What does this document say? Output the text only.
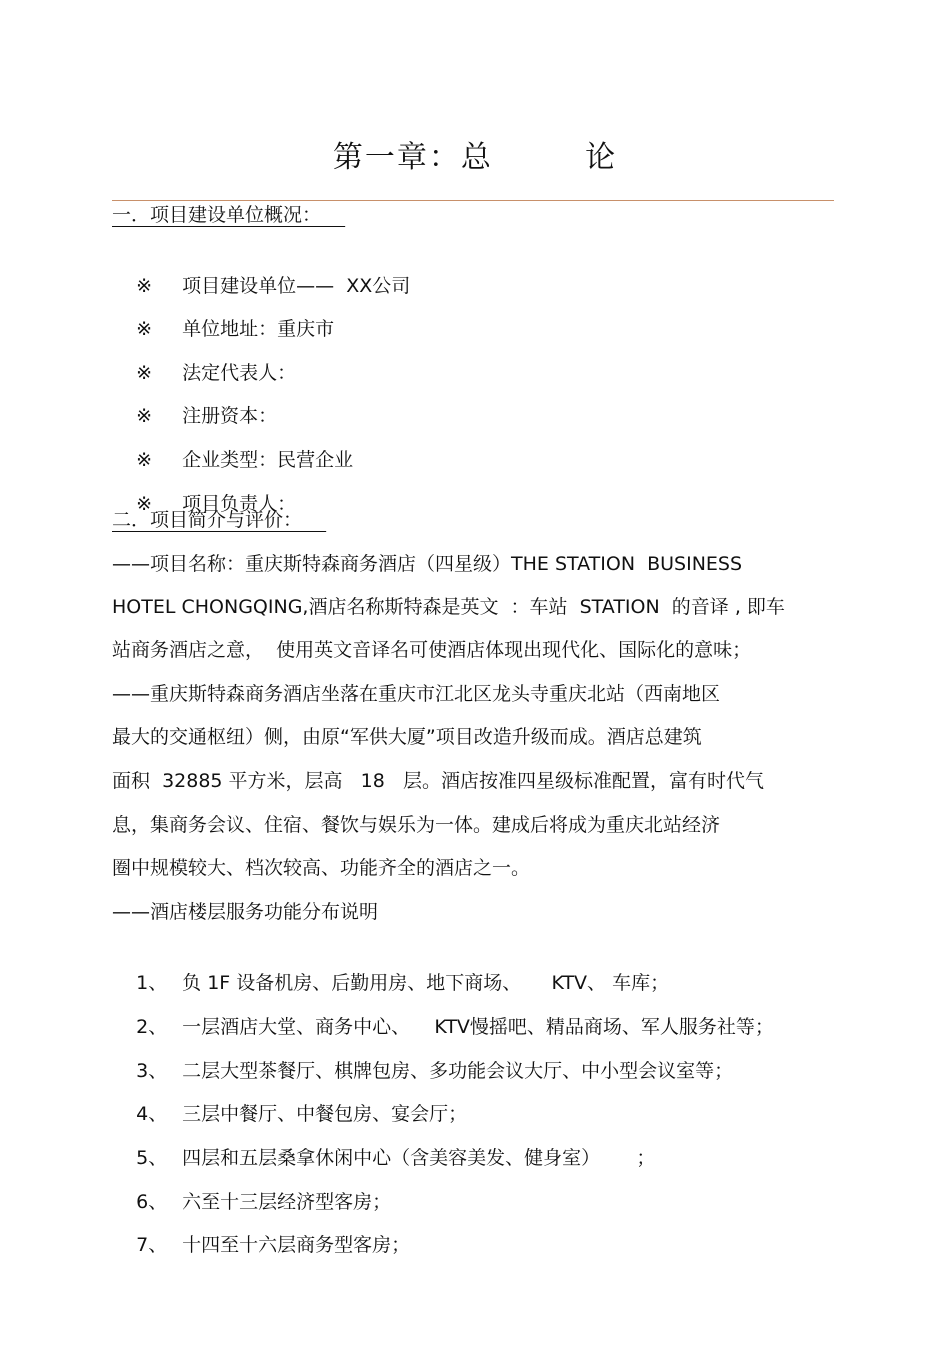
第一章：总        论
一．项目建设单位概况：

※ 项目建设单位——  XX公司

※ 单位地址：重庆市

※ 法定代表人：

※ 注册资本：

※ 企业类型：民营企业

※ 项目负责人：

二．项目简介与评价：
——项目名称：重庆斯特森商务酒店（四星级）THE STATION  BUSINESS
HOTEL CHONGQING,酒店名称斯特森是英文  ：车站  STATION  的音译 , 即车
站商务酒店之意，  使用英文音译名可使酒店体现出现代化、国际化的意味；
——重庆斯特森商务酒店坐落在重庆市江北区龙头寺重庆北站（西南地区
最大的交通枢纽）侧，由原“军供大厦”项目改造升级而成。酒店总建筑
面积  32885 平方米，层高   18   层。酒店按准四星级标准配置，富有时代气
息，集商务会议、住宿、餐饮与娱乐为一体。建成后将成为重庆北站经济
圈中规模较大、档次较高、功能齐全的酒店之一。
——酒店楼层服务功能分布说明

1、 负 1F 设备机房、后勤用房、地下商场、     KTV、 车库；

2、 一层酒店大堂、商务中心、    KTV慢摇吧、精品商场、军人服务社等；

3、 二层大型茶餐厅、棋牌包房、多功能会议大厅、中小型会议室等；

4、 三层中餐厅、中餐包房、宴会厅；

5、 四层和五层桑拿休闲中心（含美容美发、健身室）      ；

6、 六至十三层经济型客房；

7、 十四至十六层商务型客房；
